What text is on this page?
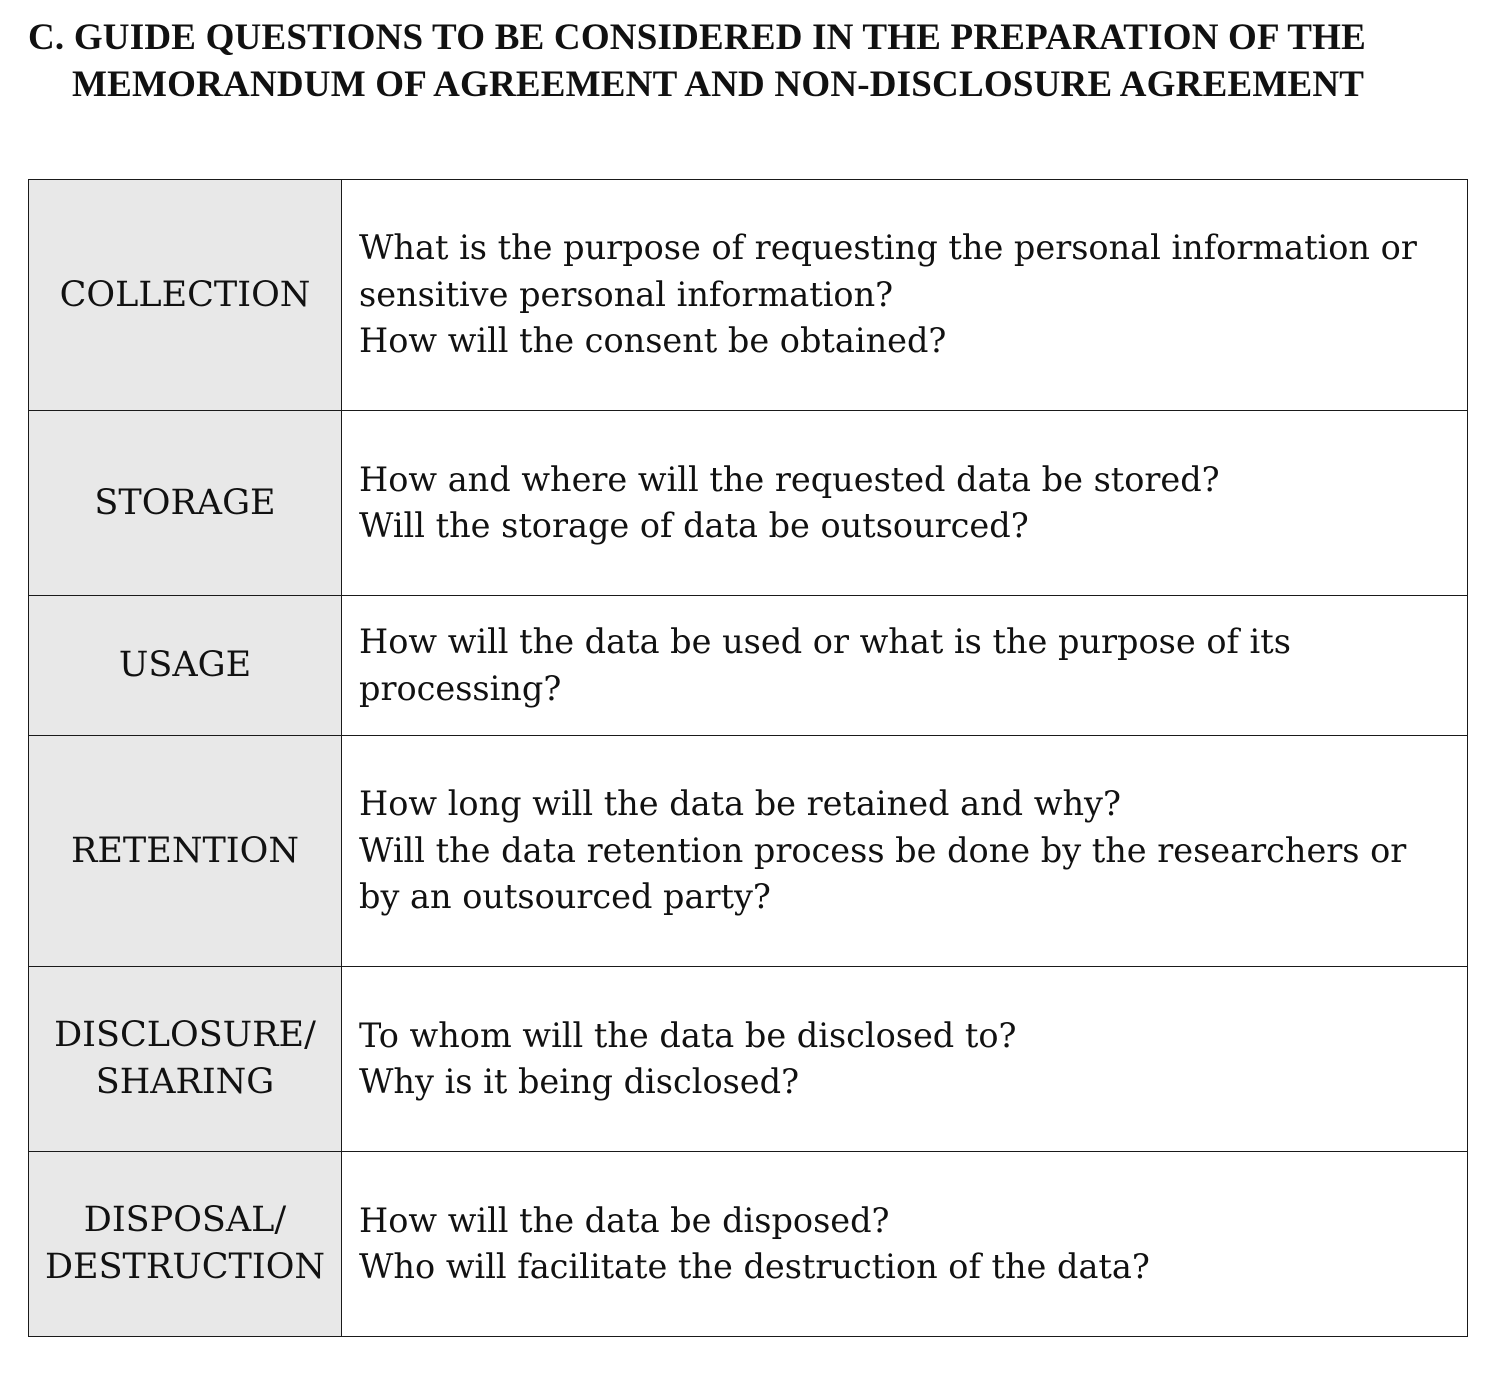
C. GUIDE QUESTIONS TO BE CONSIDERED IN THE PREPARATION OF THE
MEMORANDUM OF AGREEMENT AND NON-DISCLOSURE AGREEMENT
COLLECTION	What is the purpose of requesting the personal information or sensitive personal information?
How will the consent be obtained?

STORAGE	How and where will the requested data be stored?
Will the storage of data be outsourced?

USAGE	How will the data be used or what is the purpose of its processing?

RETENTION	How long will the data be retained and why?
Will the data retention process be done by the researchers or by an outsourced party?

DISCLOSURE/
SHARING	To whom will the data be disclosed to?
Why is it being disclosed?

DISPOSAL/
DESTRUCTION	How will the data be disposed?
Who will facilitate the destruction of the data?
